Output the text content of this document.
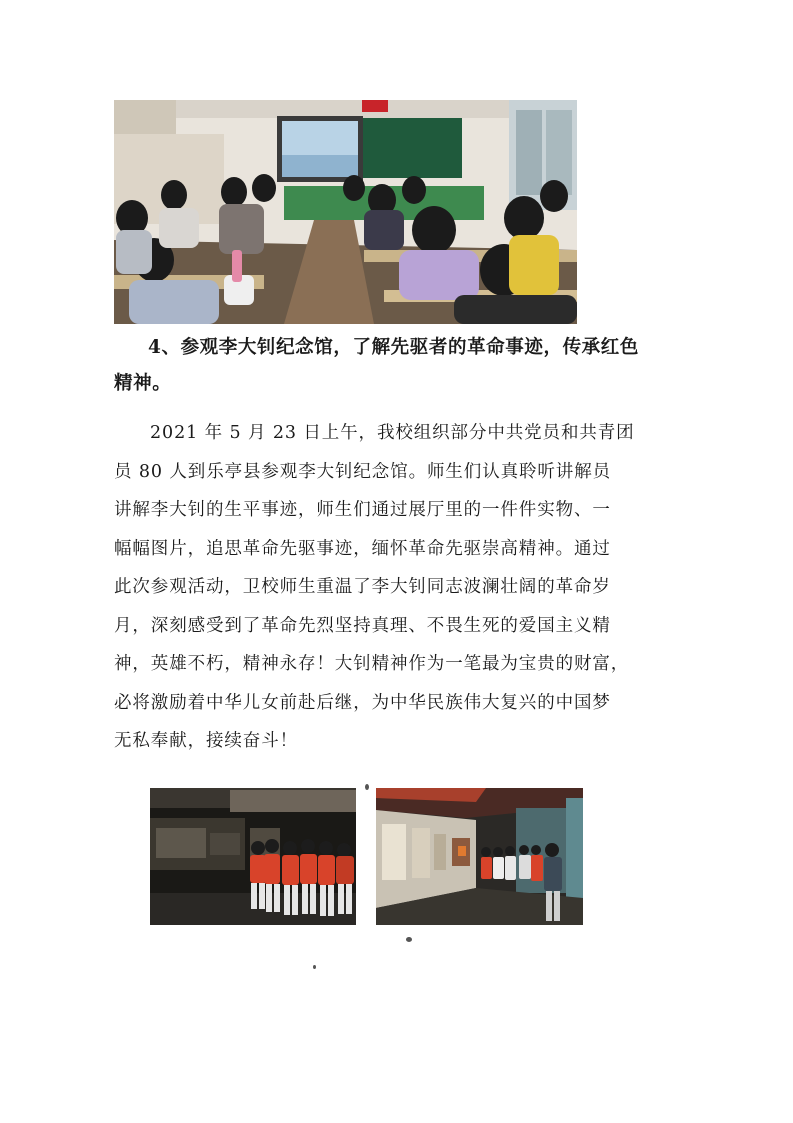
4、参观李大钊纪念馆，了解先驱者的革命事迹，传承红色
精神。
2021 年 5 月 23 日上午，我校组织部分中共党员和共青团
员 80 人到乐亭县参观李大钊纪念馆。师生们认真聆听讲解员
讲解李大钊的生平事迹，师生们通过展厅里的一件件实物、一
幅幅图片，追思革命先驱事迹，缅怀革命先驱崇高精神。通过
此次参观活动，卫校师生重温了李大钊同志波澜壮阔的革命岁
月，深刻感受到了革命先烈坚持真理、不畏生死的爱国主义精
神，英雄不朽，精神永存！大钊精神作为一笔最为宝贵的财富，
必将激励着中华儿女前赴后继，为中华民族伟大复兴的中国梦
无私奉献，接续奋斗！
